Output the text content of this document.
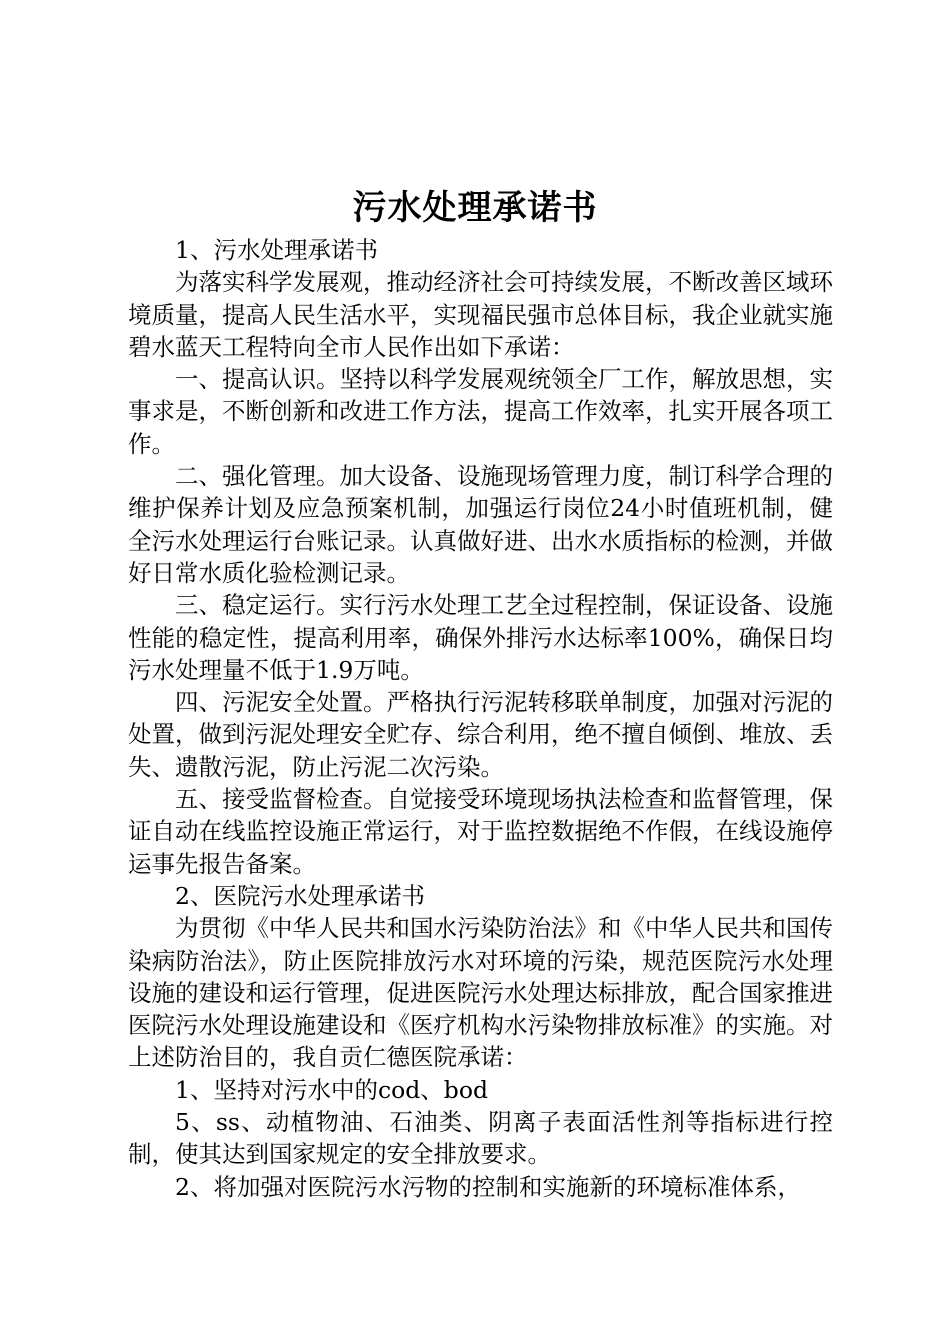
污水处理承诺书

1、污水处理承诺书

为落实科学发展观，推动经济社会可持续发展，不断改善区域环境质量，提高人民生活水平，实现福民强市总体目标，我企业就实施碧水蓝天工程特向全市人民作出如下承诺：

一、提高认识。坚持以科学发展观统领全厂工作，解放思想，实事求是，不断创新和改进工作方法，提高工作效率，扎实开展各项工作。

二、强化管理。加大设备、设施现场管理力度，制订科学合理的维护保养计划及应急预案机制，加强运行岗位24小时值班机制，健全污水处理运行台账记录。认真做好进、出水水质指标的检测，并做好日常水质化验检测记录。

三、稳定运行。实行污水处理工艺全过程控制，保证设备、设施性能的稳定性，提高利用率，确保外排污水达标率100%，确保日均污水处理量不低于1.9万吨。

四、污泥安全处置。严格执行污泥转移联单制度，加强对污泥的处置，做到污泥处理安全贮存、综合利用，绝不擅自倾倒、堆放、丢失、遗散污泥，防止污泥二次污染。

五、接受监督检查。自觉接受环境现场执法检查和监督管理，保证自动在线监控设施正常运行，对于监控数据绝不作假，在线设施停运事先报告备案。

2、医院污水处理承诺书

为贯彻《中华人民共和国水污染防治法》和《中华人民共和国传染病防治法》，防止医院排放污水对环境的污染，规范医院污水处理设施的建设和运行管理，促进医院污水处理达标排放，配合国家推进医院污水处理设施建设和《医疗机构水污染物排放标准》的实施。对上述防治目的，我自贡仁德医院承诺：

1、坚持对污水中的cod、bod

5、ss、动植物油、石油类、阴离子表面活性剂等指标进行控制，使其达到国家规定的安全排放要求。

2、将加强对医院污水污物的控制和实施新的环境标准体系，
